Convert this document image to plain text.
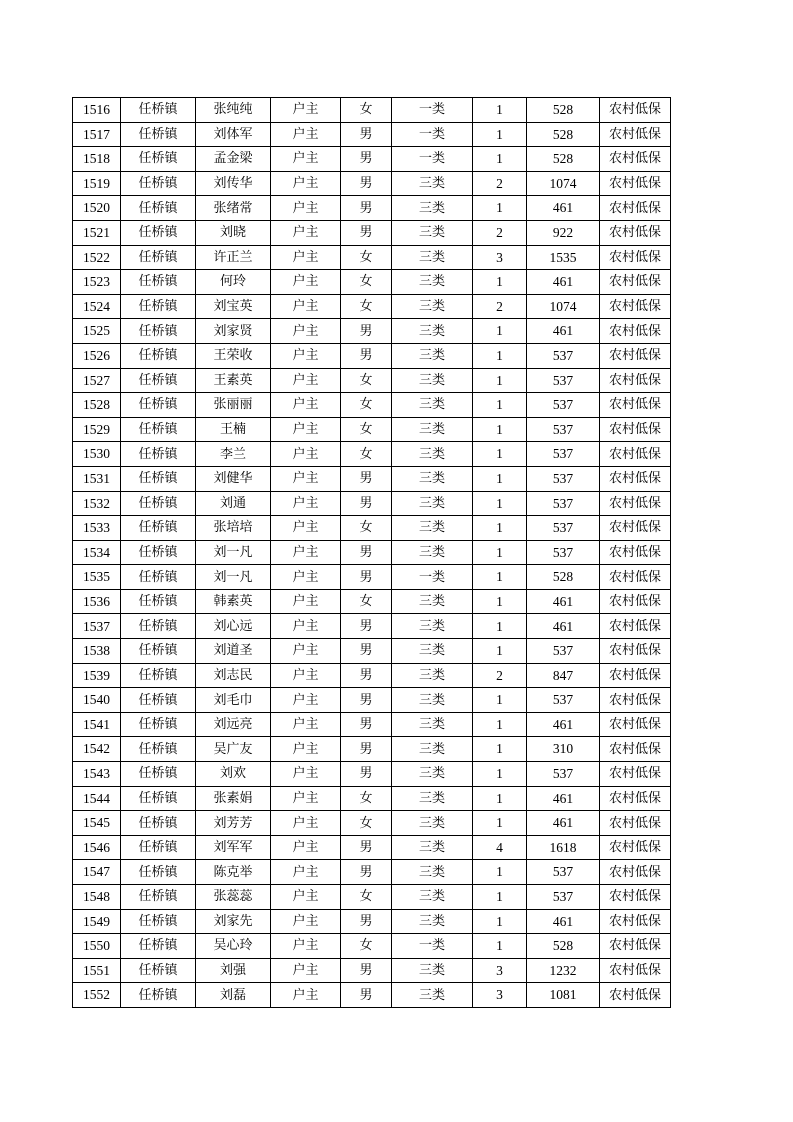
1516	任桥镇	张纯纯	户主	女	一类	1	528	农村低保
1517	任桥镇	刘体军	户主	男	一类	1	528	农村低保
1518	任桥镇	孟金梁	户主	男	一类	1	528	农村低保
1519	任桥镇	刘传华	户主	男	三类	2	1074	农村低保
1520	任桥镇	张绪常	户主	男	三类	1	461	农村低保
1521	任桥镇	刘晓	户主	男	三类	2	922	农村低保
1522	任桥镇	许正兰	户主	女	三类	3	1535	农村低保
1523	任桥镇	何玲	户主	女	三类	1	461	农村低保
1524	任桥镇	刘宝英	户主	女	三类	2	1074	农村低保
1525	任桥镇	刘家贤	户主	男	三类	1	461	农村低保
1526	任桥镇	王荣收	户主	男	三类	1	537	农村低保
1527	任桥镇	王素英	户主	女	三类	1	537	农村低保
1528	任桥镇	张丽丽	户主	女	三类	1	537	农村低保
1529	任桥镇	王楠	户主	女	三类	1	537	农村低保
1530	任桥镇	李兰	户主	女	三类	1	537	农村低保
1531	任桥镇	刘健华	户主	男	三类	1	537	农村低保
1532	任桥镇	刘通	户主	男	三类	1	537	农村低保
1533	任桥镇	张培培	户主	女	三类	1	537	农村低保
1534	任桥镇	刘一凡	户主	男	三类	1	537	农村低保
1535	任桥镇	刘一凡	户主	男	一类	1	528	农村低保
1536	任桥镇	韩素英	户主	女	三类	1	461	农村低保
1537	任桥镇	刘心远	户主	男	三类	1	461	农村低保
1538	任桥镇	刘道圣	户主	男	三类	1	537	农村低保
1539	任桥镇	刘志民	户主	男	三类	2	847	农村低保
1540	任桥镇	刘毛巾	户主	男	三类	1	537	农村低保
1541	任桥镇	刘远亮	户主	男	三类	1	461	农村低保
1542	任桥镇	吴广友	户主	男	三类	1	310	农村低保
1543	任桥镇	刘欢	户主	男	三类	1	537	农村低保
1544	任桥镇	张素娟	户主	女	三类	1	461	农村低保
1545	任桥镇	刘芳芳	户主	女	三类	1	461	农村低保
1546	任桥镇	刘军军	户主	男	三类	4	1618	农村低保
1547	任桥镇	陈克举	户主	男	三类	1	537	农村低保
1548	任桥镇	张蕊蕊	户主	女	三类	1	537	农村低保
1549	任桥镇	刘家先	户主	男	三类	1	461	农村低保
1550	任桥镇	吴心玲	户主	女	一类	1	528	农村低保
1551	任桥镇	刘强	户主	男	三类	3	1232	农村低保
1552	任桥镇	刘磊	户主	男	三类	3	1081	农村低保
